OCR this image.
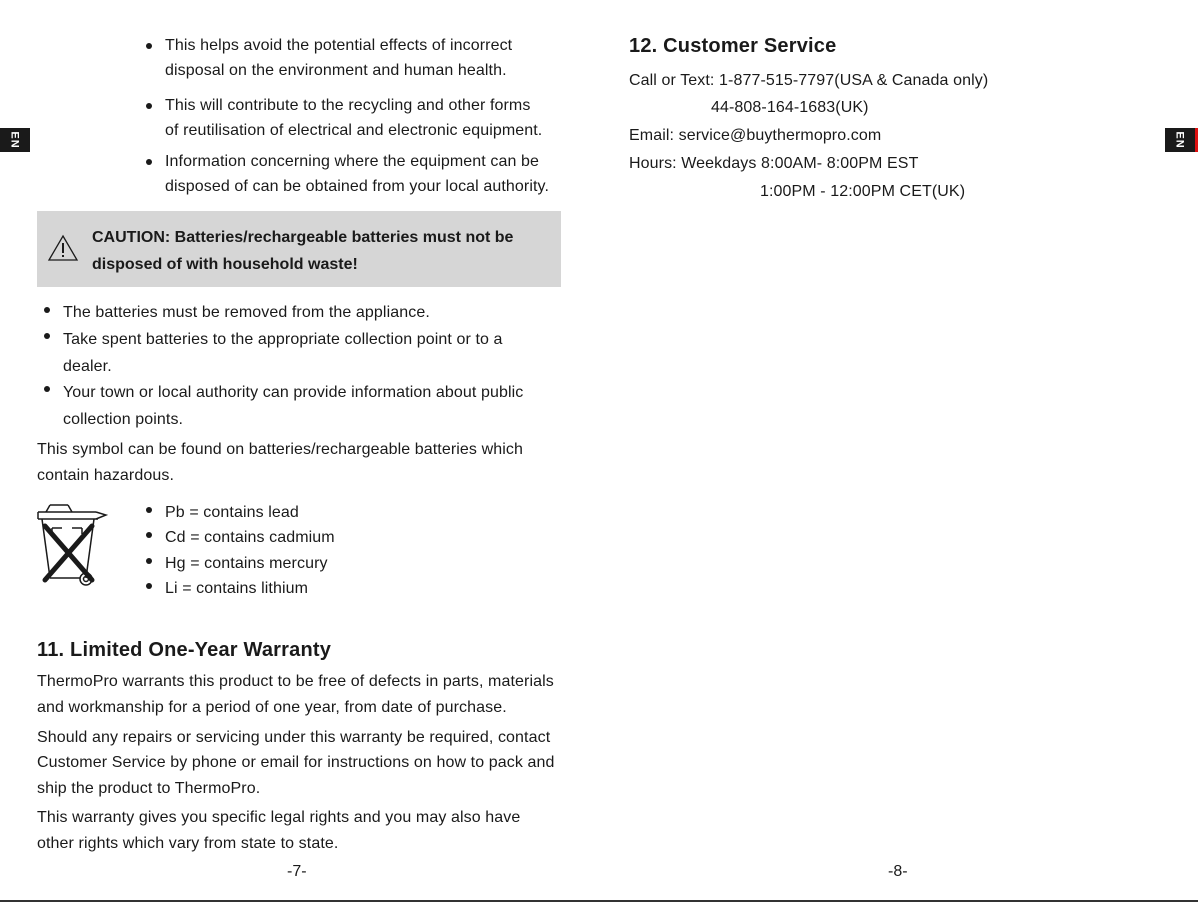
EN	EN
This helps avoid the potential effects of incorrect
disposal on the environment and human health.
This will contribute to the recycling and other forms
of reutilisation of electrical and electronic equipment.
Information concerning where the equipment can be
disposed of can be obtained from your local authority.
CAUTION: Batteries/rechargeable batteries must not be
disposed of with household waste!
The batteries must be removed from the appliance.
Take spent batteries to the appropriate collection point or to a
dealer.
Your town or local authority can provide information about public
collection points.
This symbol can be found on batteries/rechargeable batteries which
contain hazardous.
Pb = contains lead
Cd = contains cadmium
Hg = contains mercury
Li = contains lithium
11. Limited One-Year Warranty
ThermoPro warrants this product to be free of defects in parts, materials
and workmanship for a period of one year, from date of purchase.
Should any repairs or servicing under this warranty be required, contact
Customer Service by phone or email for instructions on how to pack and
ship the product to ThermoPro.
This warranty gives you specific legal rights and you may also have
other rights which vary from state to state.
-7-
12. Customer Service
Call or Text: 1-877-515-7797(USA & Canada only)
44-808-164-1683(UK)
Email: service@buythermopro.com
Hours: Weekdays 8:00AM- 8:00PM EST
1:00PM - 12:00PM CET(UK)
-8-
